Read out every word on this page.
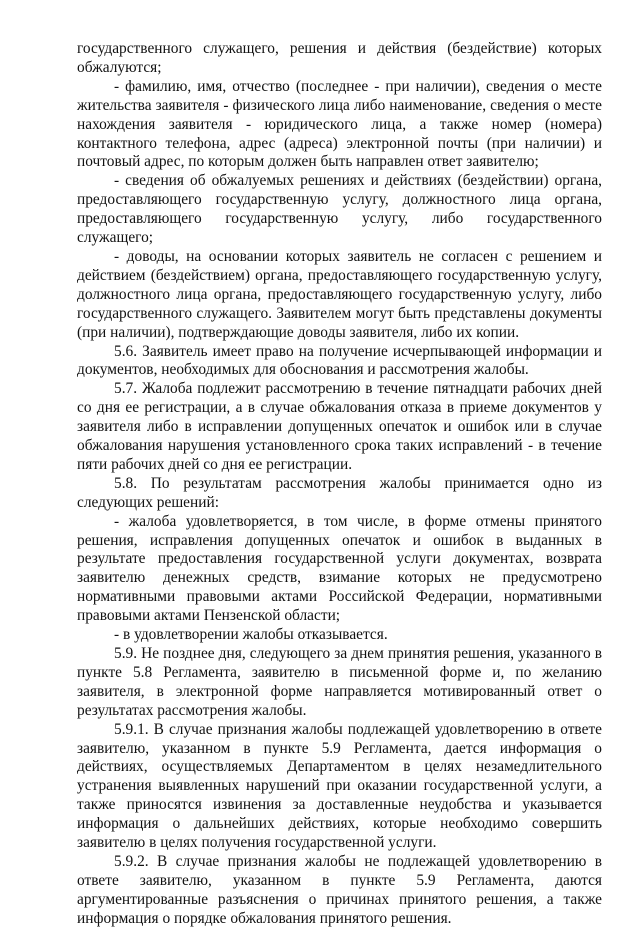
государственного служащего, решения и действия (бездействие) которых обжалуются;

- фамилию, имя, отчество (последнее - при наличии), сведения о месте жительства заявителя - физического лица либо наименование, сведения о месте нахождения заявителя - юридического лица, а также номер (номера) контактного телефона, адрес (адреса) электронной почты (при наличии) и почтовый адрес, по которым должен быть направлен ответ заявителю;

- сведения об обжалуемых решениях и действиях (бездействии) органа, предоставляющего государственную услугу, должностного лица органа, предоставляющего государственную услугу, либо государственного служащего;

- доводы, на основании которых заявитель не согласен с решением и действием (бездействием) органа, предоставляющего государственную услугу, должностного лица органа, предоставляющего государственную услугу, либо государственного служащего. Заявителем могут быть представлены документы (при наличии), подтверждающие доводы заявителя, либо их копии.

5.6. Заявитель имеет право на получение исчерпывающей информации и документов, необходимых для обоснования и рассмотрения жалобы.

5.7. Жалоба подлежит рассмотрению в течение пятнадцати рабочих дней со дня ее регистрации, а в случае обжалования отказа в приеме документов у заявителя либо в исправлении допущенных опечаток и ошибок или в случае обжалования нарушения установленного срока таких исправлений - в течение пяти рабочих дней со дня ее регистрации.

5.8. По результатам рассмотрения жалобы принимается одно из следующих решений:

- жалоба удовлетворяется, в том числе, в форме отмены принятого решения, исправления допущенных опечаток и ошибок в выданных в результате предоставления государственной услуги документах, возврата заявителю денежных средств, взимание которых не предусмотрено нормативными правовыми актами Российской Федерации, нормативными правовыми актами Пензенской области;

- в удовлетворении жалобы отказывается.

5.9. Не позднее дня, следующего за днем принятия решения, указанного в пункте 5.8 Регламента, заявителю в письменной форме и, по желанию заявителя, в электронной форме направляется мотивированный ответ о результатах рассмотрения жалобы.

5.9.1. В случае признания жалобы подлежащей удовлетворению в ответе заявителю, указанном в пункте 5.9 Регламента, дается информация о действиях, осуществляемых Департаментом в целях незамедлительного устранения выявленных нарушений при оказании государственной услуги, а также приносятся извинения за доставленные неудобства и указывается информация о дальнейших действиях, которые необходимо совершить заявителю в целях получения государственной услуги.

5.9.2. В случае признания жалобы не подлежащей удовлетворению в ответе заявителю, указанном в пункте 5.9 Регламента, даются аргументированные разъяснения о причинах принятого решения, а также информация о порядке обжалования принятого решения.
